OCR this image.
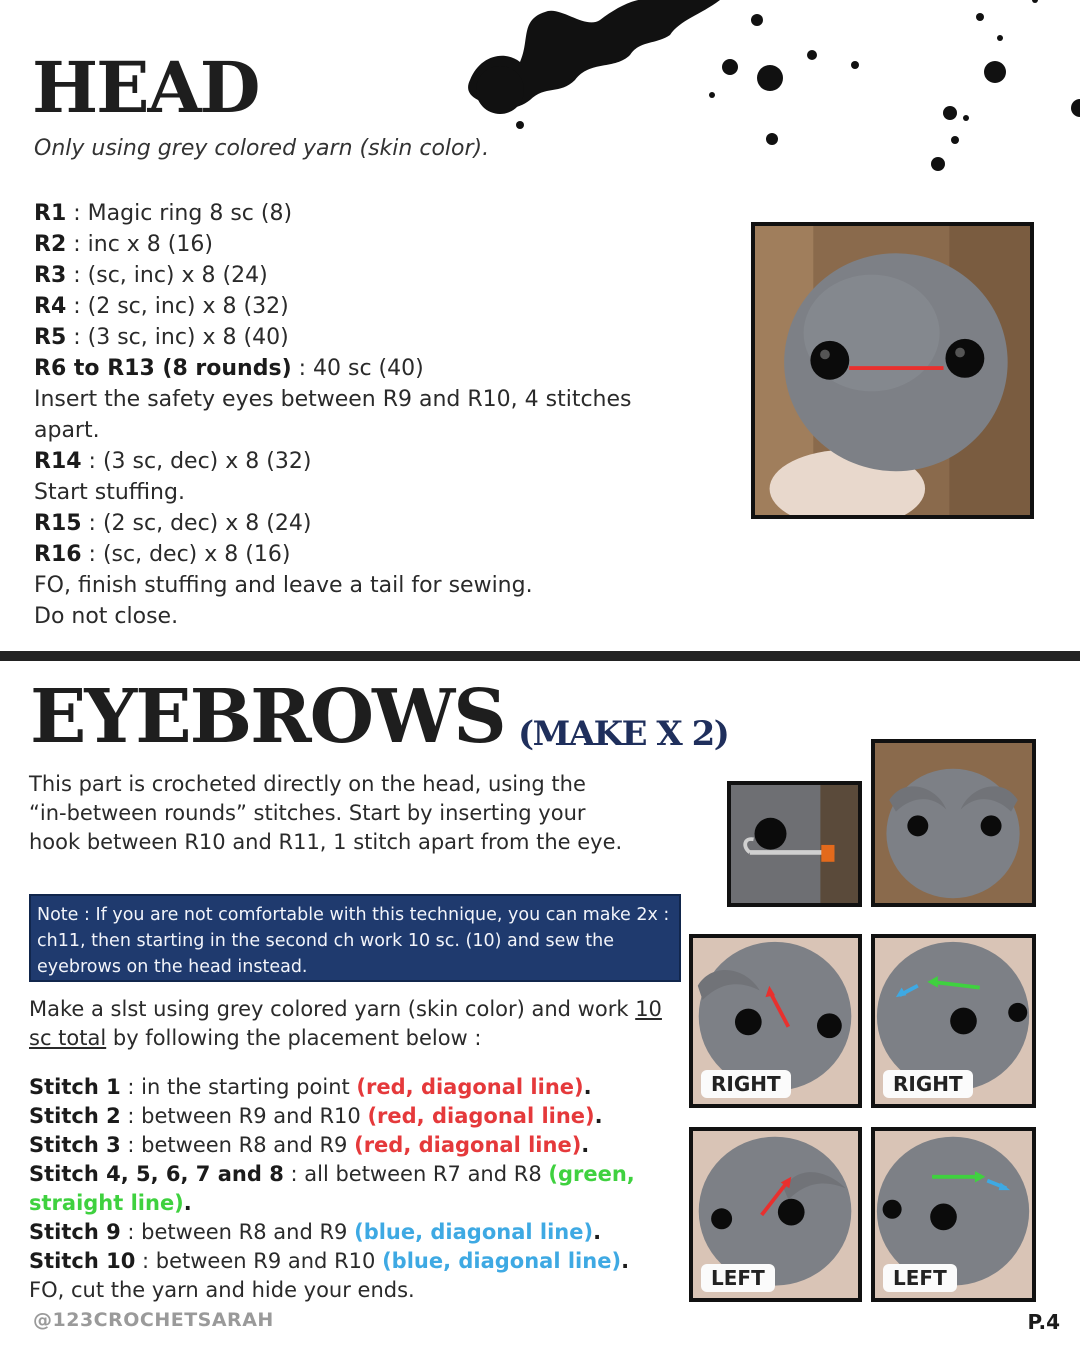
HEAD
Only using grey colored yarn (skin color).
R1 : Magic ring 8 sc (8)
R2 : inc x 8 (16)
R3 : (sc, inc) x 8 (24)
R4 : (2 sc, inc) x 8 (32)
R5 : (3 sc, inc) x 8 (40)
R6 to R13 (8 rounds) : 40 sc (40)
Insert the safety eyes between R9 and R10, 4 stitches apart.
R14 : (3 sc, dec) x 8 (32)
Start stuffing.
R15 : (2 sc, dec) x 8 (24)
R16 : (sc, dec) x 8 (16)
FO, finish stuffing and leave a tail for sewing.
Do not close.
EYEBROWS (MAKE X 2)
This part is crocheted directly on the head, using the “in-between rounds” stitches. Start by inserting your hook between R10 and R11, 1 stitch apart from the eye.
Note : If you are not comfortable with this technique, you can make 2x : ch11, then starting in the second ch work 10 sc. (10) and sew the eyebrows on the head instead.
Make a slst using grey colored yarn (skin color) and work 10 sc total by following the placement below :
Stitch 1 : in the starting point (red, diagonal line).
Stitch 2 : between R9 and R10 (red, diagonal line).
Stitch 3 : between R8 and R9 (red, diagonal line).
Stitch 4, 5, 6, 7 and 8 : all between R7 and R8 (green, straight line).
Stitch 9 : between R8 and R9 (blue, diagonal line).
Stitch 10 : between R9 and R10 (blue, diagonal line).
FO, cut the yarn and hide your ends.
RIGHT	RIGHT
LEFT	LEFT
@123CROCHETSARAH	P.4
